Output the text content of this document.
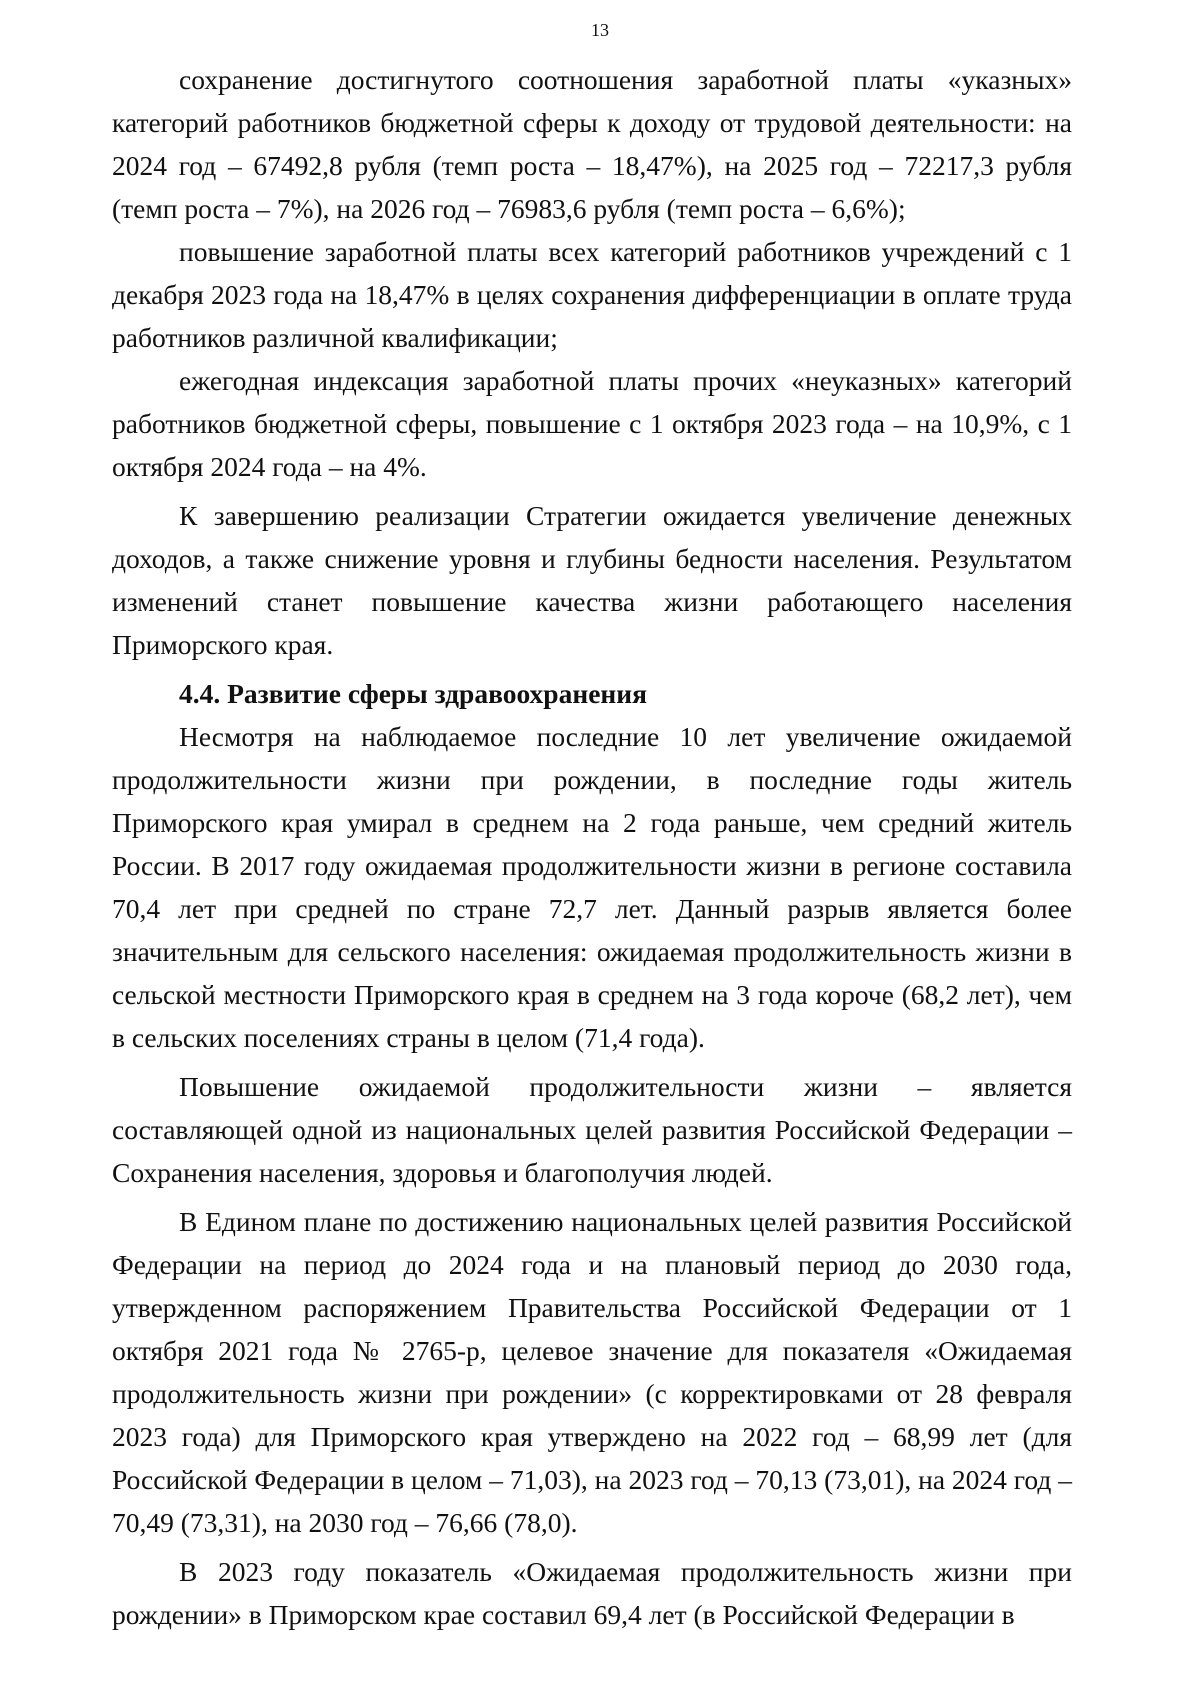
13

сохранение достигнутого соотношения заработной платы «указных» категорий работников бюджетной сферы к доходу от трудовой деятельности: на 2024 год – 67492,8 рубля (темп роста – 18,47%), на 2025 год – 72217,3 рубля (темп роста – 7%), на 2026 год – 76983,6 рубля (темп роста – 6,6%);

повышение заработной платы всех категорий работников учреждений с 1 декабря 2023 года на 18,47% в целях сохранения дифференциации в оплате труда работников различной квалификации;

ежегодная индексация заработной платы прочих «неуказных» категорий работников бюджетной сферы, повышение с 1 октября 2023 года – на 10,9%, с 1 октября 2024 года – на 4%.

К завершению реализации Стратегии ожидается увеличение денежных доходов, а также снижение уровня и глубины бедности населения. Результатом изменений станет повышение качества жизни работающего населения Приморского края.

4.4. Развитие сферы здравоохранения

Несмотря на наблюдаемое последние 10 лет увеличение ожидаемой продолжительности жизни при рождении, в последние годы житель Приморского края умирал в среднем на 2 года раньше, чем средний житель России. В 2017 году ожидаемая продолжительности жизни в регионе составила 70,4 лет при средней по стране 72,7 лет. Данный разрыв является более значительным для сельского населения: ожидаемая продолжительность жизни в сельской местности Приморского края в среднем на 3 года короче (68,2 лет), чем в сельских поселениях страны в целом (71,4 года).

Повышение ожидаемой продолжительности жизни – является составляющей одной из национальных целей развития Российской Федерации – Сохранения населения, здоровья и благополучия людей.

В Едином плане по достижению национальных целей развития Российской Федерации на период до 2024 года и на плановый период до 2030 года, утвержденном распоряжением Правительства Российской Федерации от 1 октября 2021 года № 2765-р, целевое значение для показателя «Ожидаемая продолжительность жизни при рождении» (с корректировками от 28 февраля 2023 года) для Приморского края утверждено на 2022 год – 68,99 лет (для Российской Федерации в целом – 71,03), на 2023 год – 70,13 (73,01), на 2024 год – 70,49 (73,31), на 2030 год – 76,66 (78,0).

В 2023 году показатель «Ожидаемая продолжительность жизни при рождении» в Приморском крае составил 69,4 лет (в Российской Федерации в
